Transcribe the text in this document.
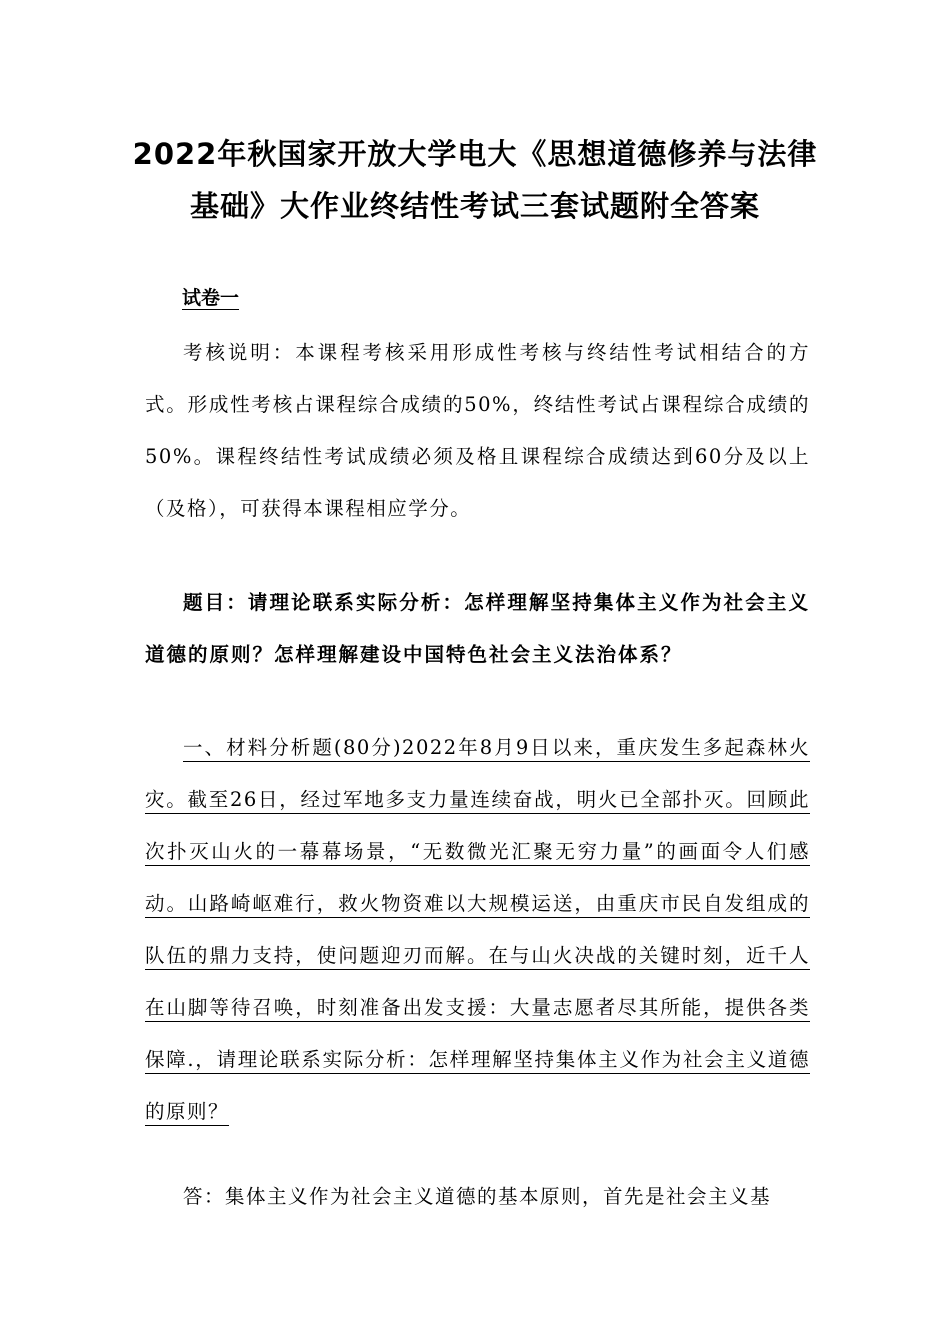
2022年秋国家开放大学电大《思想道德修养与法律
基础》大作业终结性考试三套试题附全答案
试卷一

考核说明：本课程考核采用形成性考核与终结性考试相结合的方式。形成性考核占课程综合成绩的50%，终结性考试占课程综合成绩的50%。课程终结性考试成绩必须及格且课程综合成绩达到60分及以上（及格），可获得本课程相应学分。

题目：请理论联系实际分析：怎样理解坚持集体主义作为社会主义道德的原则？怎样理解建设中国特色社会主义法治体系？

一、材料分析题(80分)2022年8月9日以来，重庆发生多起森林火灾。截至26日，经过军地多支力量连续奋战，明火已全部扑灭。回顾此次扑灭山火的一幕幕场景，“无数微光汇聚无穷力量”的画面令人们感动。山路崎岖难行，救火物资难以大规模运送，由重庆市民自发组成的队伍的鼎力支持，使问题迎刃而解。在与山火决战的关键时刻，近千人在山脚等待召唤，时刻准备出发支援：大量志愿者尽其所能，提供各类保障.，请理论联系实际分析：怎样理解坚持集体主义作为社会主义道德的原则？

答：集体主义作为社会主义道德的基本原则，首先是社会主义基
